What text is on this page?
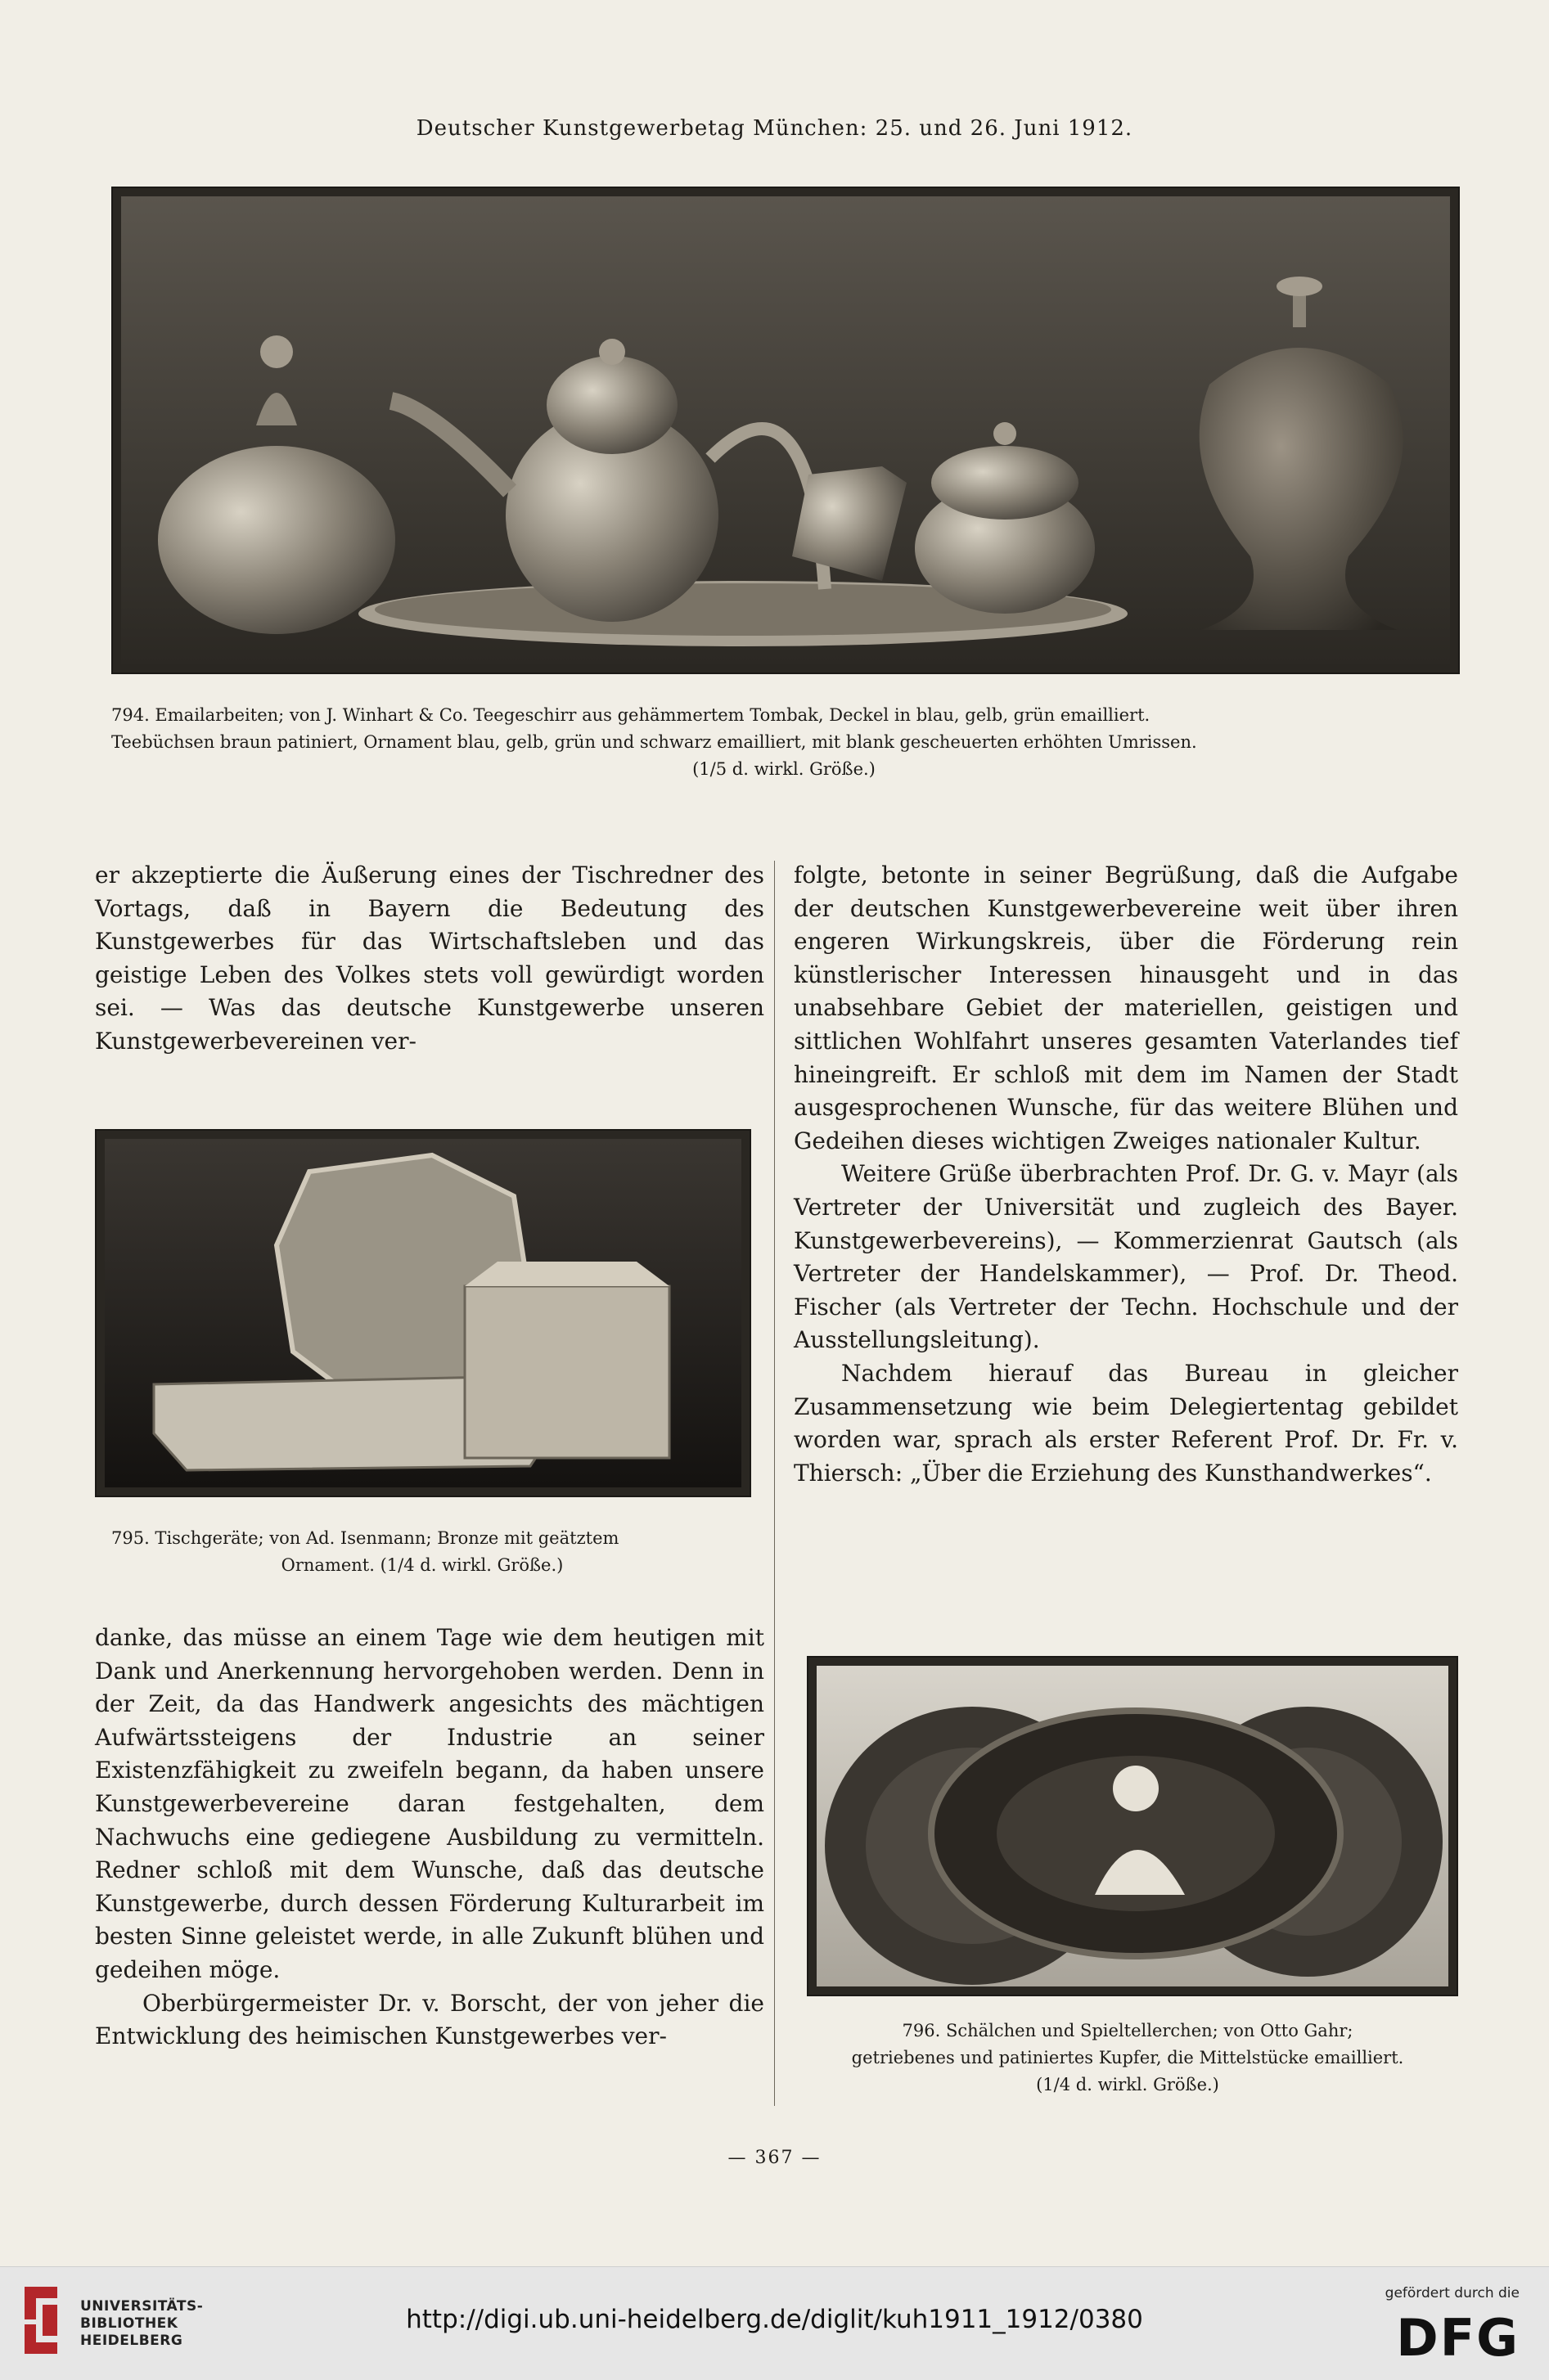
Deutscher Kunstgewerbetag München: 25. und 26. Juni 1912.
794. Emailarbeiten; von J. Winhart & Co. Teegeschirr aus gehämmertem Tombak, Deckel in blau, gelb, grün emailliert.
Teebüchsen braun patiniert, Ornament blau, gelb, grün und schwarz emailliert, mit blank gescheuerten erhöhten Umrissen.
(1/5 d. wirkl. Größe.)

er akzeptierte die Äußerung eines der Tischredner des Vortags, daß in Bayern die Bedeutung des Kunstgewerbes für das Wirtschaftsleben und das geistige Leben des Volkes stets voll gewürdigt worden sei. — Was das deutsche Kunstgewerbe unseren Kunstgewerbevereinen ver-

795. Tischgeräte; von Ad. Isenmann; Bronze mit geätztem
Ornament. (1/4 d. wirkl. Größe.)

danke, das müsse an einem Tage wie dem heutigen mit Dank und Anerkennung hervorgehoben werden. Denn in der Zeit, da das Handwerk angesichts des mächtigen Aufwärtssteigens der Industrie an seiner Existenzfähigkeit zu zweifeln begann, da haben unsere Kunstgewerbevereine daran festgehalten, dem Nachwuchs eine gediegene Ausbildung zu vermitteln. Redner schloß mit dem Wunsche, daß das deutsche Kunstgewerbe, durch dessen Förderung Kulturarbeit im besten Sinne geleistet werde, in alle Zukunft blühen und gedeihen möge.

Oberbürgermeister Dr. v. Borscht, der von jeher die Entwicklung des heimischen Kunstgewerbes ver-

folgte, betonte in seiner Begrüßung, daß die Aufgabe der deutschen Kunstgewerbevereine weit über ihren engeren Wirkungskreis, über die Förderung rein künstlerischer Interessen hinausgeht und in das unabsehbare Gebiet der materiellen, geistigen und sittlichen Wohlfahrt unseres gesamten Vaterlandes tief hineingreift. Er schloß mit dem im Namen der Stadt ausgesprochenen Wunsche, für das weitere Blühen und Gedeihen dieses wichtigen Zweiges nationaler Kultur.

Weitere Grüße überbrachten Prof. Dr. G. v. Mayr (als Vertreter der Universität und zugleich des Bayer. Kunstgewerbevereins), — Kommerzienrat Gautsch (als Vertreter der Handelskammer), — Prof. Dr. Theod. Fischer (als Vertreter der Techn. Hochschule und der Ausstellungsleitung).

Nachdem hierauf das Bureau in gleicher Zusammensetzung wie beim Delegiertentag gebildet worden war, sprach als erster Referent Prof. Dr. Fr. v. Thiersch: „Über die Erziehung des Kunsthandwerkes“.

796. Schälchen und Spieltellerchen; von Otto Gahr;
getriebenes und patiniertes Kupfer, die Mittelstücke emailliert.
(1/4 d. wirkl. Größe.)
— 367 —
UNIVERSITÄTS-
BIBLIOTHEK
HEIDELBERG
http://digi.ub.uni-heidelberg.de/diglit/kuh1911_1912/0380
gefördert durch die
DFG
